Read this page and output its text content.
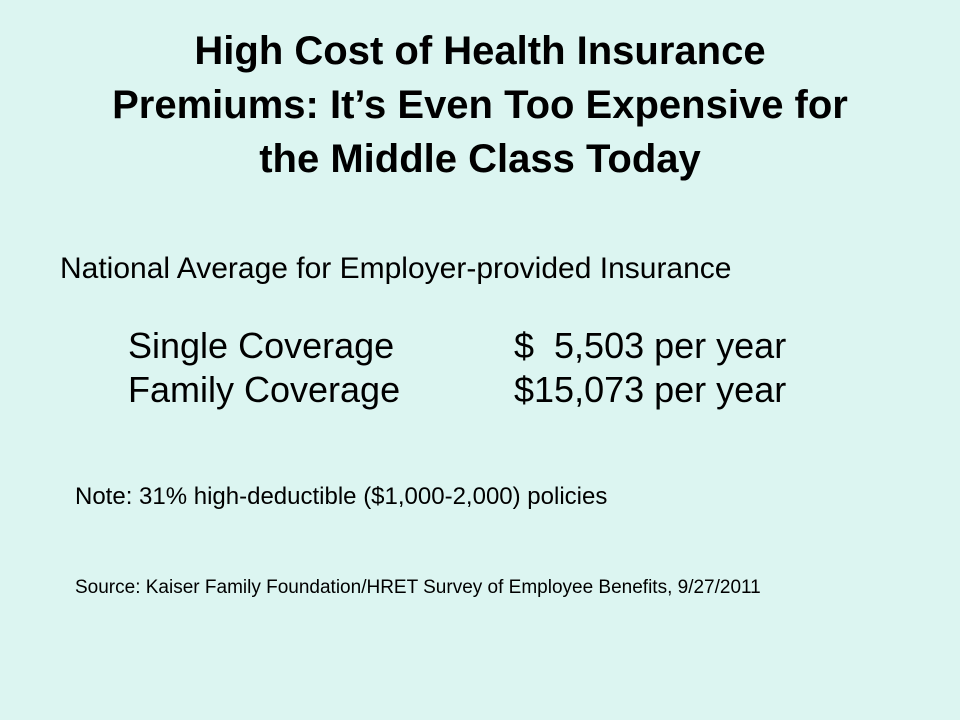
High Cost of Health Insurance
Premiums: It’s Even Too Expensive for
the Middle Class Today

National Average for Employer-provided Insurance

Single Coverage	$  5,503 per year
Family Coverage	$15,073 per year

Note: 31% high-deductible ($1,000-2,000) policies

Source: Kaiser Family Foundation/HRET Survey of Employee Benefits, 9/27/2011
